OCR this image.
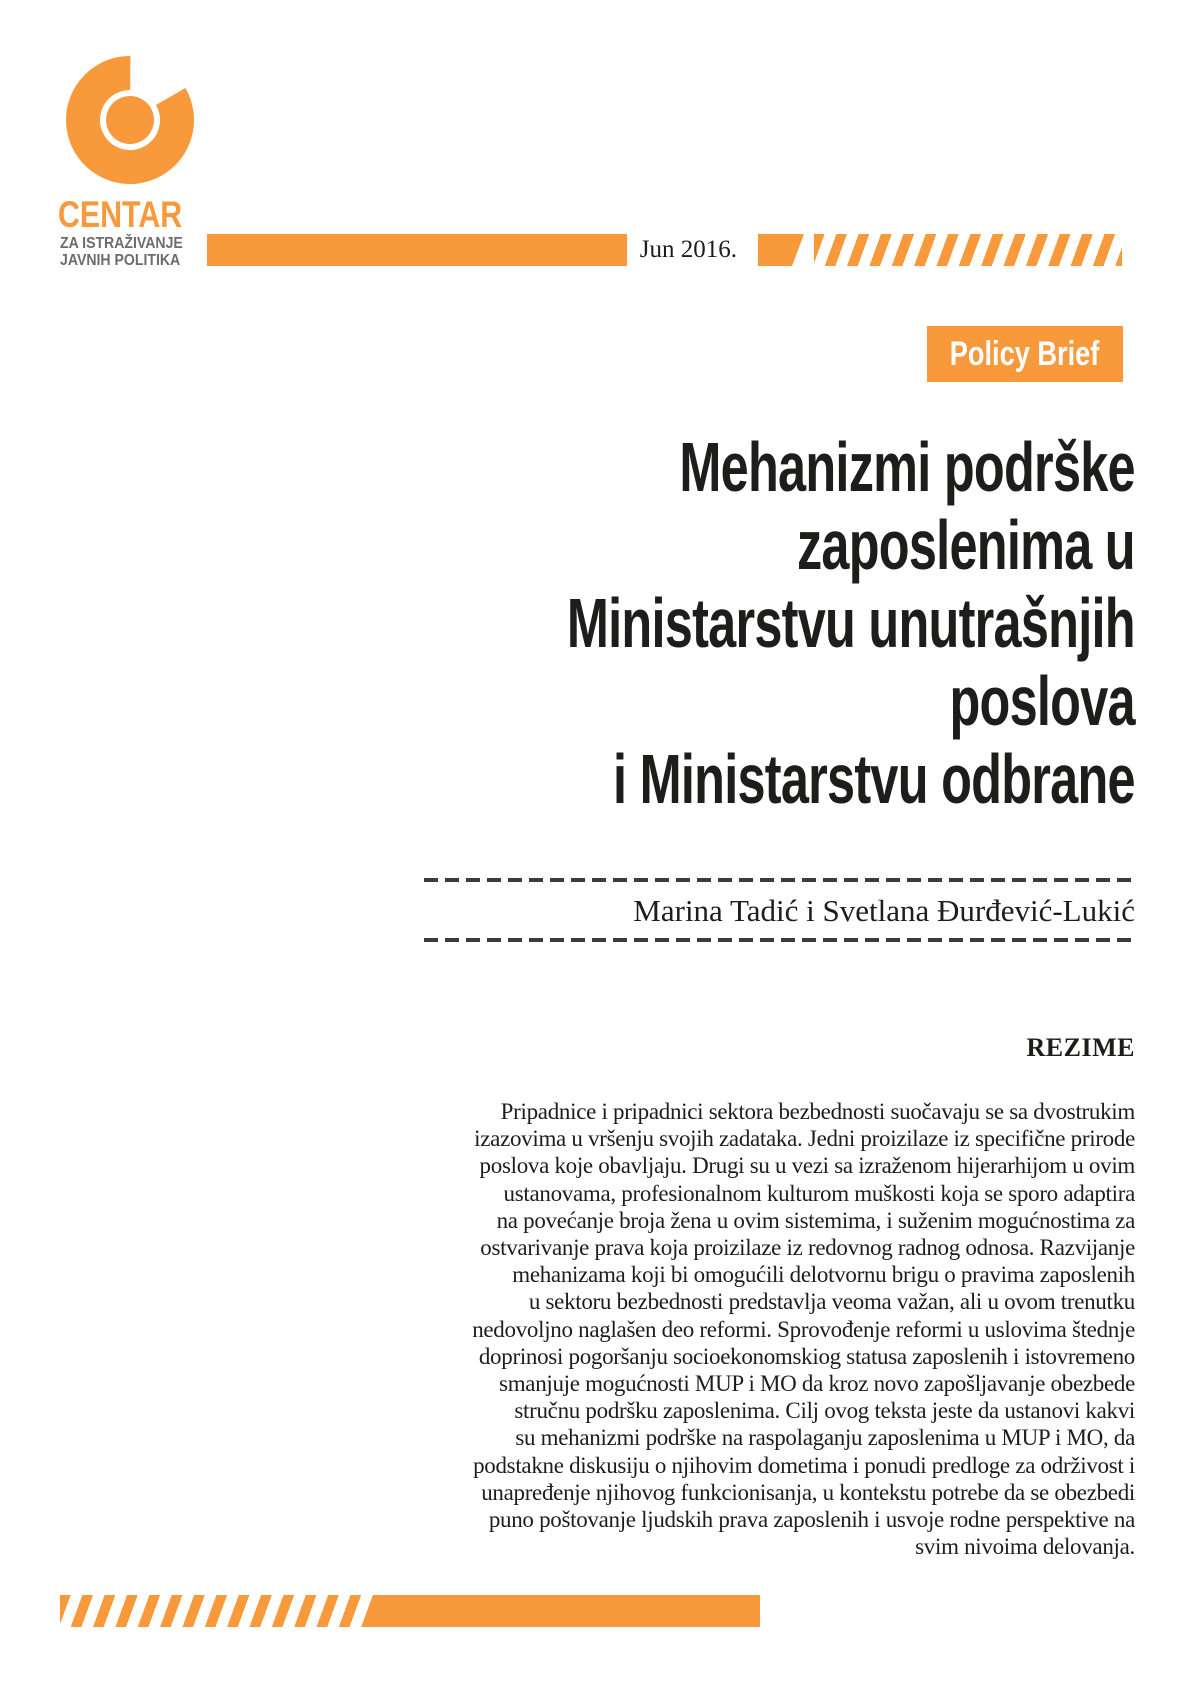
CENTAR
ZA ISTRAŽIVANJE
JAVNIH POLITIKA	Jun 2016.
Policy Brief
Mehanizmi podrške
zaposlenima u
Ministarstvu unutrašnjih
poslova
i Ministarstvu odbrane
Marina Tadić i Svetlana Đurđević-Lukić
REZIME
Pripadnice i pripadnici sektora bezbednosti suočavaju se sa dvostrukim
izazovima u vršenju svojih zadataka. Jedni proizilaze iz specifične prirode
poslova koje obavljaju. Drugi su u vezi sa izraženom hijerarhijom u ovim
ustanovama, profesionalnom kulturom muškosti koja se sporo adaptira
na povećanje broja žena u ovim sistemima, i suženim mogućnostima za
ostvarivanje prava koja proizilaze iz redovnog radnog odnosa. Razvijanje
mehanizama koji bi omogućili delotvornu brigu o pravima zaposlenih
u sektoru bezbednosti predstavlja veoma važan, ali u ovom trenutku
nedovoljno naglašen deo reformi. Sprovođenje reformi u uslovima štednje
doprinosi pogoršanju socioekonomskiog statusa zaposlenih i istovremeno
smanjuje mogućnosti MUP i MO da kroz novo zapošljavanje obezbede
stručnu podršku zaposlenima. Cilj ovog teksta jeste da ustanovi kakvi
su mehanizmi podrške na raspolaganju zaposlenima u MUP i MO, da
podstakne diskusiju o njihovim dometima i ponudi predloge za održivost i
unapređenje njihovog funkcionisanja, u kontekstu potrebe da se obezbedi
puno poštovanje ljudskih prava zaposlenih i usvoje rodne perspektive na
svim nivoima delovanja.
